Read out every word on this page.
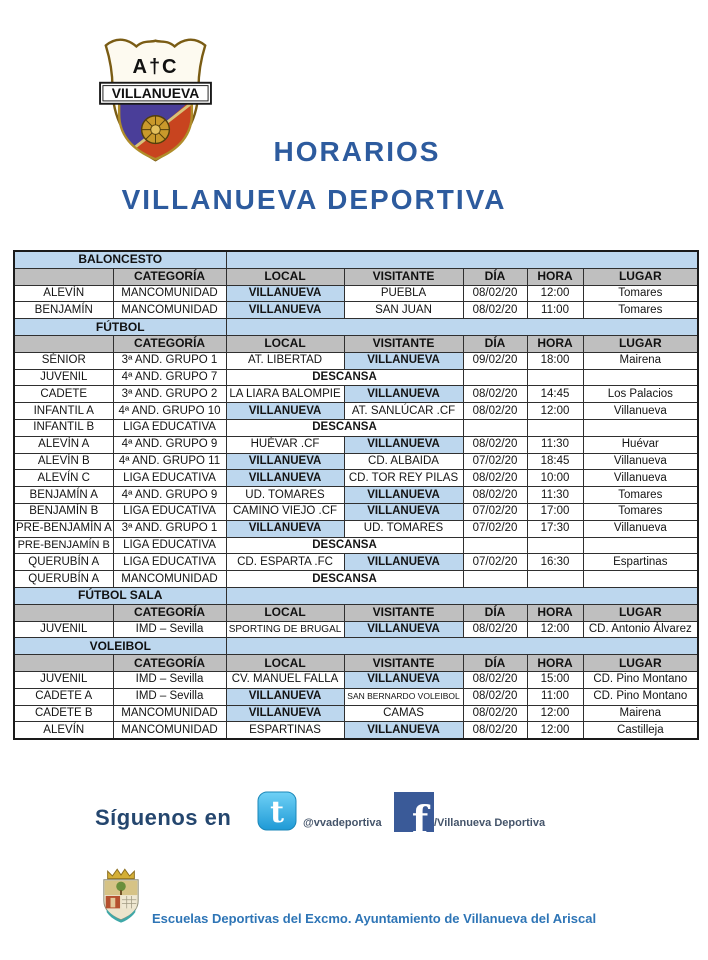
A†C
VILLANUEVA
HORARIOS
VILLANUEVA DEPORTIVA
BALONCESTO						
	CATEGORÍA	LOCAL	VISITANTE	DÍA	HORA	LUGAR
ALEVÍN	MANCOMUNIDAD	VILLANUEVA	PUEBLA	08/02/20	12:00	Tomares
BENJAMÍN	MANCOMUNIDAD	VILLANUEVA	SAN JUAN	08/02/20	11:00	Tomares
FÚTBOL						
	CATEGORÍA	LOCAL	VISITANTE	DÍA	HORA	LUGAR
SÉNIOR	3ª AND. GRUPO 1	AT. LIBERTAD	VILLANUEVA	09/02/20	18:00	Mairena
JUVENIL	4ª AND. GRUPO 7	DESCANSA				
CADETE	3ª AND. GRUPO 2	LA LIARA BALOMPIE	VILLANUEVA	08/02/20	14:45	Los Palacios
INFANTIL A	4ª AND. GRUPO 10	VILLANUEVA	AT. SANLÚCAR .CF	08/02/20	12:00	Villanueva
INFANTIL B	LIGA EDUCATIVA	DESCANSA				
ALEVÍN A	4ª AND. GRUPO 9	HUÉVAR .CF	VILLANUEVA	08/02/20	11:30	Huévar
ALEVÍN B	4ª AND. GRUPO 11	VILLANUEVA	CD. ALBAIDA	07/02/20	18:45	Villanueva
ALEVÍN C	LIGA EDUCATIVA	VILLANUEVA	CD. TOR REY PILAS	08/02/20	10:00	Villanueva
BENJAMÍN A	4ª AND. GRUPO 9	UD. TOMARES	VILLANUEVA	08/02/20	11:30	Tomares
BENJAMÍN B	LIGA EDUCATIVA	CAMINO VIEJO .CF	VILLANUEVA	07/02/20	17:00	Tomares
PRE-BENJAMÍN A	3ª AND. GRUPO 1	VILLANUEVA	UD. TOMARES	07/02/20	17:30	Villanueva
PRE-BENJAMÍN B	LIGA EDUCATIVA	DESCANSA				
QUERUBÍN A	LIGA EDUCATIVA	CD. ESPARTA .FC	VILLANUEVA	07/02/20	16:30	Espartinas
QUERUBÍN A	MANCOMUNIDAD	DESCANSA				
FÚTBOL SALA						
	CATEGORÍA	LOCAL	VISITANTE	DÍA	HORA	LUGAR
JUVENIL	IMD – Sevilla	SPORTING DE BRUGAL	VILLANUEVA	08/02/20	12:00	CD. Antonio Álvarez
VOLEIBOL						
	CATEGORÍA	LOCAL	VISITANTE	DÍA	HORA	LUGAR
JUVENIL	IMD – Sevilla	CV. MANUEL FALLA	VILLANUEVA	08/02/20	15:00	CD. Pino Montano
CADETE A	IMD – Sevilla	VILLANUEVA	SAN BERNARDO VOLEIBOL	08/02/20	11:00	CD. Pino Montano
CADETE B	MANCOMUNIDAD	VILLANUEVA	CAMAS	08/02/20	12:00	Mairena
ALEVÍN	MANCOMUNIDAD	ESPARTINAS	VILLANUEVA	08/02/20	12:00	Castilleja
Síguenos en t @vvadeportiva f /Villanueva Deportiva
Escuelas Deportivas del Excmo. Ayuntamiento de Villanueva del Ariscal
